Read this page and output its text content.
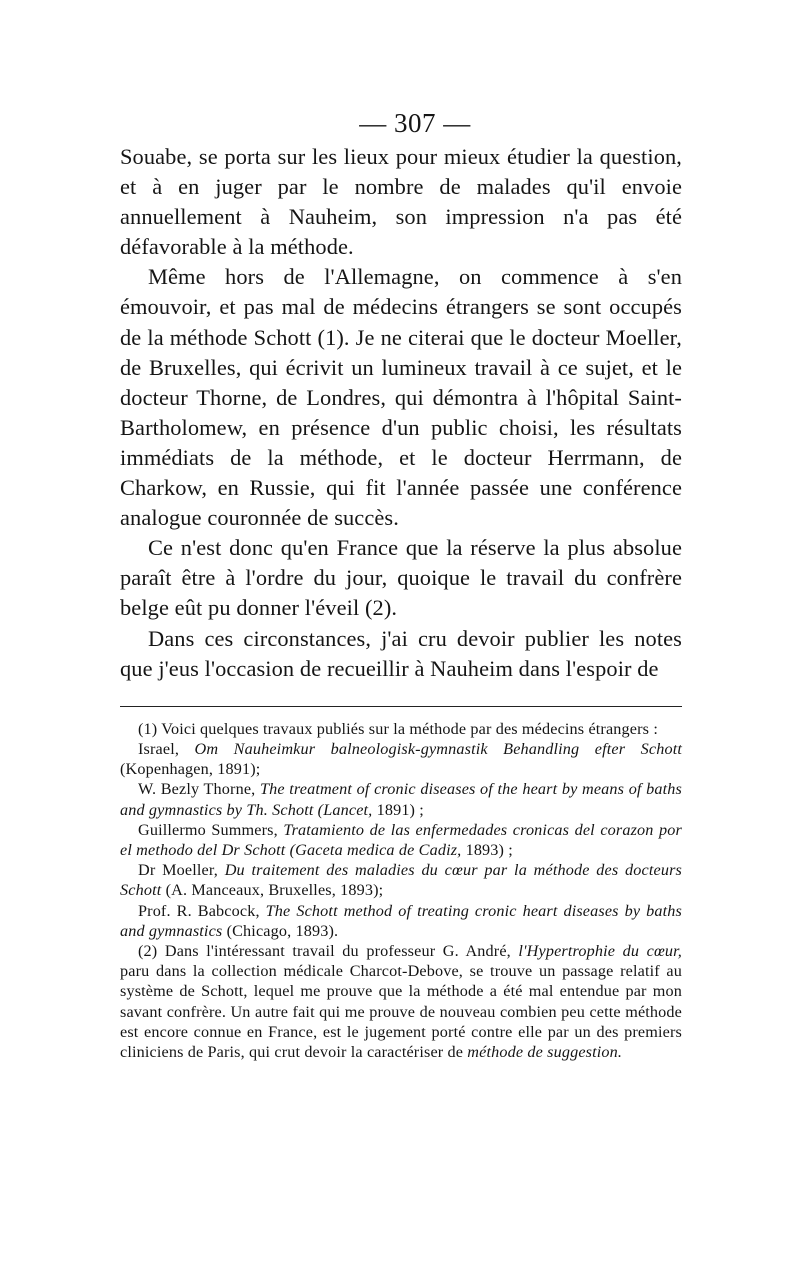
— 307 —

Souabe, se porta sur les lieux pour mieux étudier la question, et à en juger par le nombre de malades qu'il envoie annuellement à Nauheim, son impression n'a pas été défavorable à la méthode.

Même hors de l'Allemagne, on commence à s'en émouvoir, et pas mal de médecins étrangers se sont occupés de la méthode Schott (1). Je ne citerai que le docteur Moeller, de Bruxelles, qui écrivit un lumineux travail à ce sujet, et le docteur Thorne, de Londres, qui démontra à l'hôpital Saint-Bartholomew, en présence d'un public choisi, les résultats immédiats de la méthode, et le docteur Herrmann, de Charkow, en Russie, qui fit l'année passée une conférence analogue couronnée de succès.

Ce n'est donc qu'en France que la réserve la plus absolue paraît être à l'ordre du jour, quoique le travail du confrère belge eût pu donner l'éveil (2).

Dans ces circonstances, j'ai cru devoir publier les notes que j'eus l'occasion de recueillir à Nauheim dans l'espoir de

(1) Voici quelques travaux publiés sur la méthode par des médecins étrangers :

Israel, Om Nauheimkur balneologisk-gymnastik Behandling efter Schott (Kopenhagen, 1891);

W. Bezly Thorne, The treatment of cronic diseases of the heart by means of baths and gymnastics by Th. Schott (Lancet, 1891) ;

Guillermo Summers, Tratamiento de las enfermedades cronicas del corazon por el methodo del Dr Schott (Gaceta medica de Cadiz, 1893) ;

Dr Moeller, Du traitement des maladies du cœur par la méthode des docteurs Schott (A. Manceaux, Bruxelles, 1893);

Prof. R. Babcock, The Schott method of treating cronic heart diseases by baths and gymnastics (Chicago, 1893).

(2) Dans l'intéressant travail du professeur G. André, l'Hypertrophie du cœur, paru dans la collection médicale Charcot-Debove, se trouve un passage relatif au système de Schott, lequel me prouve que la méthode a été mal entendue par mon savant confrère. Un autre fait qui me prouve de nouveau combien peu cette méthode est encore connue en France, est le jugement porté contre elle par un des premiers cliniciens de Paris, qui crut devoir la caractériser de méthode de suggestion.
